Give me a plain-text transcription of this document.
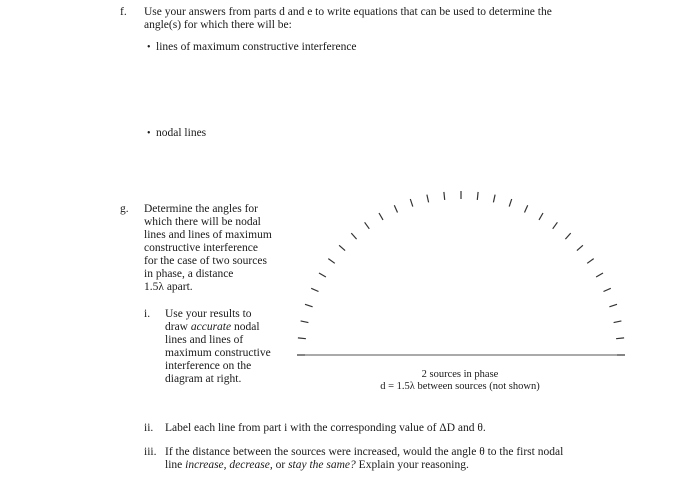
f. Use your answers from parts d and e to write equations that can be used to determine the
angle(s) for which there will be:
• lines of maximum constructive interference
• nodal lines
g. Determine the angles for
which there will be nodal
lines and lines of maximum
constructive interference
for the case of two sources
in phase, a distance
1.5λ apart.
i. Use your results to
draw accurate nodal
lines and lines of
maximum constructive
interference on the
diagram at right.	2 sources in phase
d = 1.5λ between sources (not shown)
ii. Label each line from part i with the corresponding value of ΔD and θ.
iii. If the distance between the sources were increased, would the angle θ to the first nodal
line increase, decrease, or stay the same? Explain your reasoning.
